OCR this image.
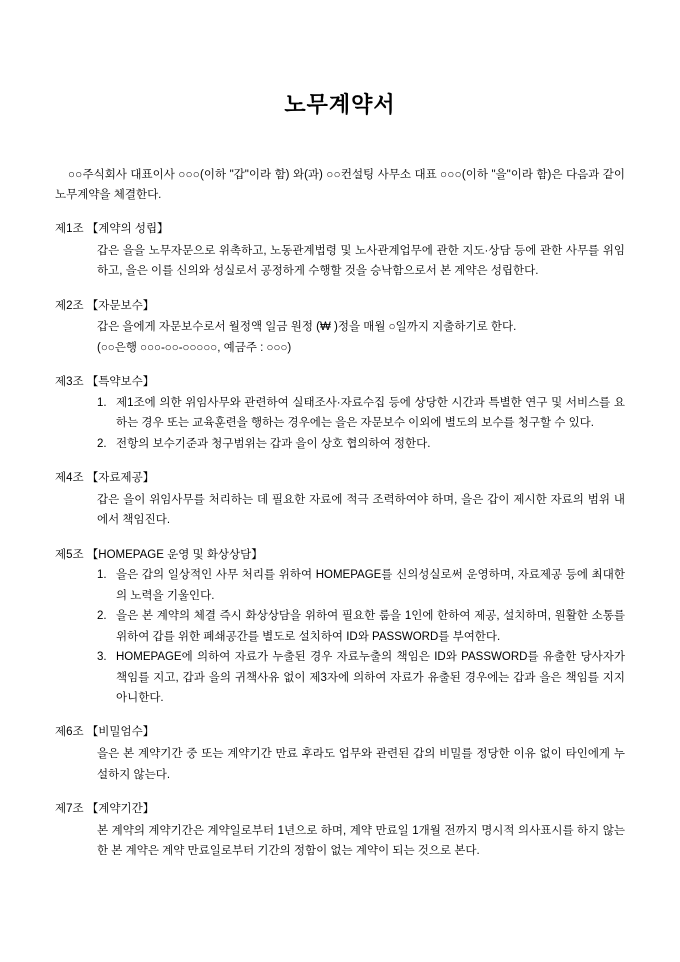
노무계약서

○○주식회사 대표이사 ○○○(이하 "갑"이라 함) 와(과) ○○컨설팅 사무소 대표 ○○○(이하 "을"이라 함)은 다음과 같이 노무계약을 체결한다.

제1조 【계약의 성립】

갑은 을을 노무자문으로 위촉하고, 노동관계법령 및 노사관계업무에 관한 지도·상담 등에 관한 사무를 위임하고, 을은 이를 신의와 성실로서 공정하게 수행할 것을 승낙함으로서 본 계약은 성립한다.

제2조 【자문보수】

갑은 을에게 자문보수로서 월정액 일금 원정 (₩ )정을 매월 ○일까지 지출하기로 한다.

(○○은행 ○○○-○○-○○○○○, 예금주 : ○○○)

제3조 【특약보수】

제1조에 의한 위임사무와 관련하여 실태조사·자료수집 등에 상당한 시간과 특별한 연구 및 서비스를 요하는 경우 또는 교육훈련을 행하는 경우에는 을은 자문보수 이외에 별도의 보수를 청구할 수 있다.
전항의 보수기준과 청구범위는 갑과 을이 상호 협의하여 정한다.

제4조 【자료제공】

갑은 을이 위임사무를 처리하는 데 필요한 자료에 적극 조력하여야 하며, 을은 갑이 제시한 자료의 범위 내에서 책임진다.

제5조 【HOMEPAGE 운영 및 화상상담】

을은 갑의 일상적인 사무 처리를 위하여 HOMEPAGE를 신의성실로써 운영하며, 자료제공 등에 최대한의 노력을 기울인다.
을은 본 계약의 체결 즉시 화상상담을 위하여 필요한 룸을 1인에 한하여 제공, 설치하며, 원활한 소통를 위하여 갑를 위한 폐쇄공간를 별도로 설치하여 ID와 PASSWORD를 부여한다.
HOMEPAGE에 의하여 자료가 누출된 경우 자료누출의 책임은 ID와 PASSWORD를 유출한 당사자가 책임를 지고, 갑과 을의 귀책사유 없이 제3자에 의하여 자료가 유출된 경우에는 갑과 을은 책임를 지지 아니한다.

제6조 【비밀엄수】

을은 본 계약기간 중 또는 계약기간 만료 후라도 업무와 관련된 갑의 비밀를 정당한 이유 없이 타인에게 누설하지 않는다.

제7조 【계약기간】

본 계약의 계약기간은 계약일로부터 1년으로 하며, 계약 만료일 1개월 전까지 명시적 의사표시를 하지 않는 한 본 계약은 계약 만료일로부터 기간의 정함이 없는 계약이 되는 것으로 본다.
